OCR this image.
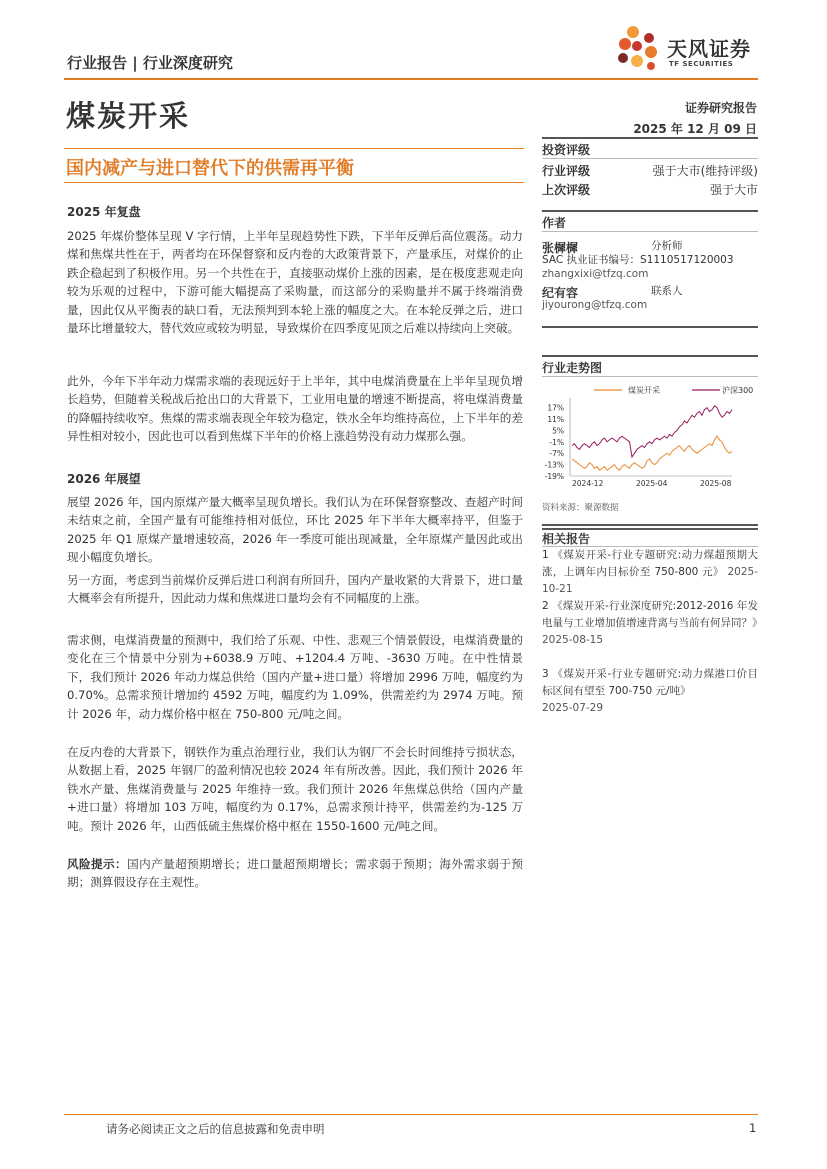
行业报告 | 行业深度研究
天风证券
TF SECURITIES
煤炭开采	证券研究报告
2025 年 12 月 09 日
国内减产与进口替代下的供需再平衡
2025 年复盘

2025 年煤价整体呈现 V 字行情，上半年呈现趋势性下跌，下半年反弹后高位震荡。动力煤和焦煤共性在于，两者均在环保督察和反内卷的大政策背景下，产量承压，对煤价的止跌企稳起到了积极作用。另一个共性在于，直接驱动煤价上涨的因素，是在极度悲观走向较为乐观的过程中，下游可能大幅提高了采购量，而这部分的采购量并不属于终端消费量，因此仅从平衡表的缺口看，无法预判到本轮上涨的幅度之大。在本轮反弹之后，进口量环比增量较大，替代效应或较为明显，导致煤价在四季度见顶之后难以持续向上突破。

此外，今年下半年动力煤需求端的表现远好于上半年，其中电煤消费量在上半年呈现负增长趋势，但随着关税战后抢出口的大背景下，工业用电量的增速不断提高，将电煤消费量的降幅持续收窄。焦煤的需求端表现全年较为稳定，铁水全年均维持高位，上下半年的差异性相对较小，因此也可以看到焦煤下半年的价格上涨趋势没有动力煤那么强。

2026 年展望

展望 2026 年，国内原煤产量大概率呈现负增长。我们认为在环保督察整改、查超产时间未结束之前，全国产量有可能维持相对低位，环比 2025 年下半年大概率持平，但鉴于 2025 年 Q1 原煤产量增速较高，2026 年一季度可能出现减量，全年原煤产量因此或出现小幅度负增长。

另一方面，考虑到当前煤价反弹后进口利润有所回升，国内产量收紧的大背景下，进口量大概率会有所提升，因此动力煤和焦煤进口量均会有不同幅度的上涨。

需求侧，电煤消费量的预测中，我们给了乐观、中性、悲观三个情景假设，电煤消费量的变化在三个情景中分别为+6038.9 万吨、+1204.4 万吨、-3630 万吨。在中性情景下，我们预计 2026 年动力煤总供给（国内产量+进口量）将增加 2996 万吨，幅度约为 0.70%。总需求预计增加约 4592 万吨，幅度约为 1.09%，供需差约为 2974 万吨。预计 2026 年，动力煤价格中枢在 750-800 元/吨之间。

在反内卷的大背景下，钢铁作为重点治理行业，我们认为钢厂不会长时间维持亏损状态，从数据上看，2025 年钢厂的盈利情况也较 2024 年有所改善。因此，我们预计 2026 年铁水产量、焦煤消费量与 2025 年维持一致。我们预计 2026 年焦煤总供给（国内产量+进口量）将增加 103 万吨，幅度约为 0.17%，总需求预计持平，供需差约为-125 万吨。预计 2026 年，山西低硫主焦煤价格中枢在 1550-1600 元/吨之间。

风险提示：国内产量超预期增长；进口量超预期增长；需求弱于预期；海外需求弱于预期；测算假设存在主观性。

投资评级
行业评级	强于大市(维持评级)
上次评级	强于大市
作者
张樨樨	分析师
SAC 执业证书编号：S1110517120003
zhangxixi@tfzq.com
纪有容	联系人
jiyourong@tfzq.com
行业走势图
煤炭开采	沪深300
17%
11%
5%
-1%
-7%
-13%
-19%
2024-12	2025-04	2025-08
资料来源：聚源数据
相关报告
1 《煤炭开采-行业专题研究:动力煤超预期大涨，上调年内目标价至 750-800 元》 2025-10-21
2 《煤炭开采-行业深度研究:2012-2016 年发电量与工业增加值增速背离与当前有何异同？》
2025-08-15
3 《煤炭开采-行业专题研究:动力煤港口价目标区间有望至 700-750 元/吨》
2025-07-29
请务必阅读正文之后的信息披露和免责申明	1
